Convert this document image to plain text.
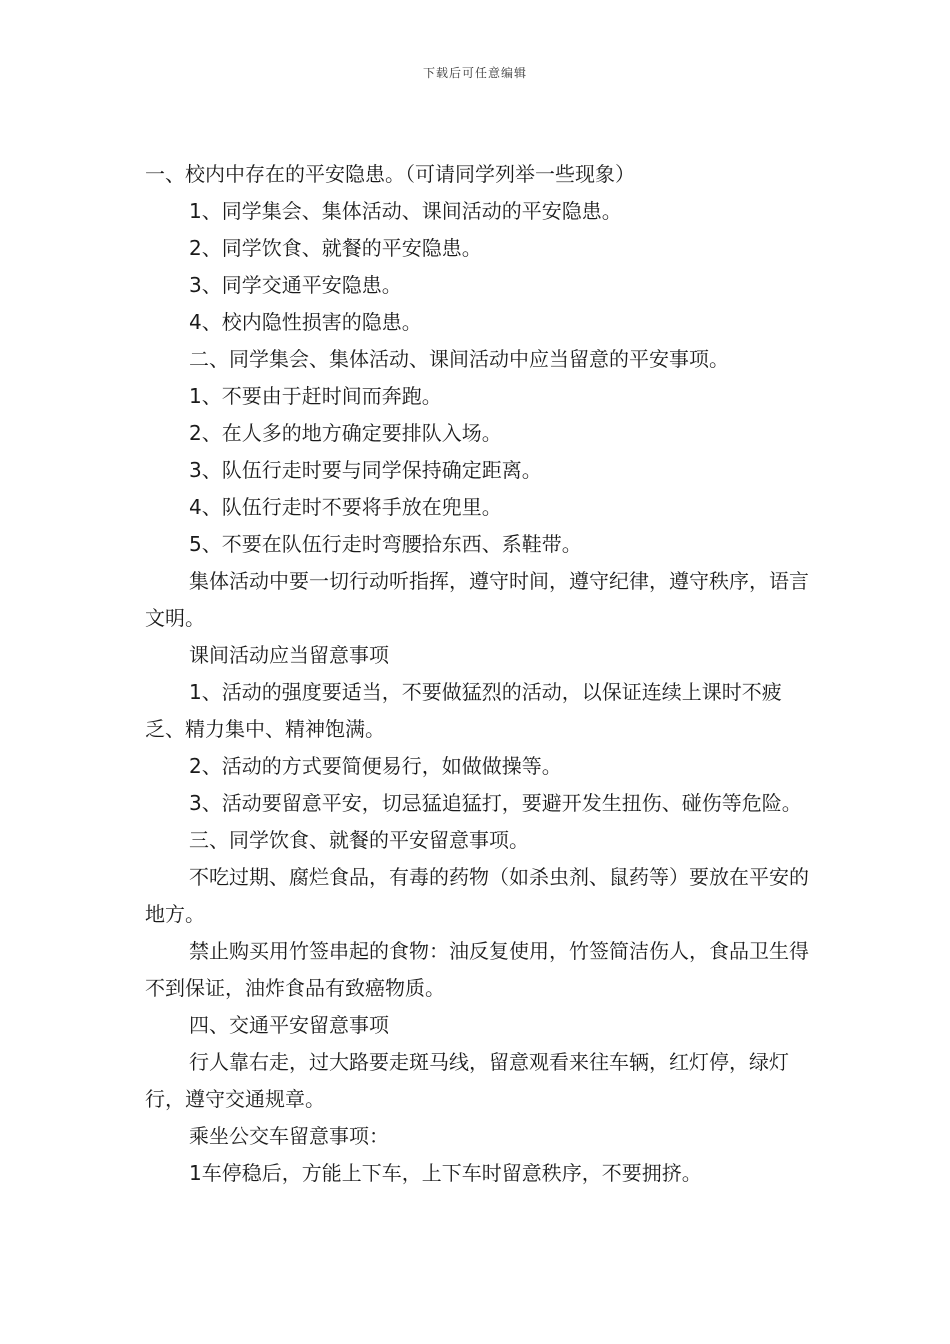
下载后可任意编辑

一、校内中存在的平安隐患。（可请同学列举一些现象）

1、同学集会、集体活动、课间活动的平安隐患。

2、同学饮食、就餐的平安隐患。

3、同学交通平安隐患。

4、校内隐性损害的隐患。

二、同学集会、集体活动、课间活动中应当留意的平安事项。

1、不要由于赶时间而奔跑。

2、在人多的地方确定要排队入场。

3、队伍行走时要与同学保持确定距离。

4、队伍行走时不要将手放在兜里。

5、不要在队伍行走时弯腰拾东西、系鞋带。

集体活动中要一切行动听指挥，遵守时间，遵守纪律，遵守秩序，语言文明。

课间活动应当留意事项

1、活动的强度要适当，不要做猛烈的活动，以保证连续上课时不疲乏、精力集中、精神饱满。

2、活动的方式要简便易行，如做做操等。

3、活动要留意平安，切忌猛追猛打，要避开发生扭伤、碰伤等危险。

三、同学饮食、就餐的平安留意事项。

不吃过期、腐烂食品，有毒的药物（如杀虫剂、鼠药等）要放在平安的地方。

禁止购买用竹签串起的食物：油反复使用，竹签简洁伤人，食品卫生得不到保证，油炸食品有致癌物质。

四、交通平安留意事项

行人靠右走，过大路要走斑马线，留意观看来往车辆，红灯停，绿灯行，遵守交通规章。

乘坐公交车留意事项：

1车停稳后，方能上下车，上下车时留意秩序，不要拥挤。
